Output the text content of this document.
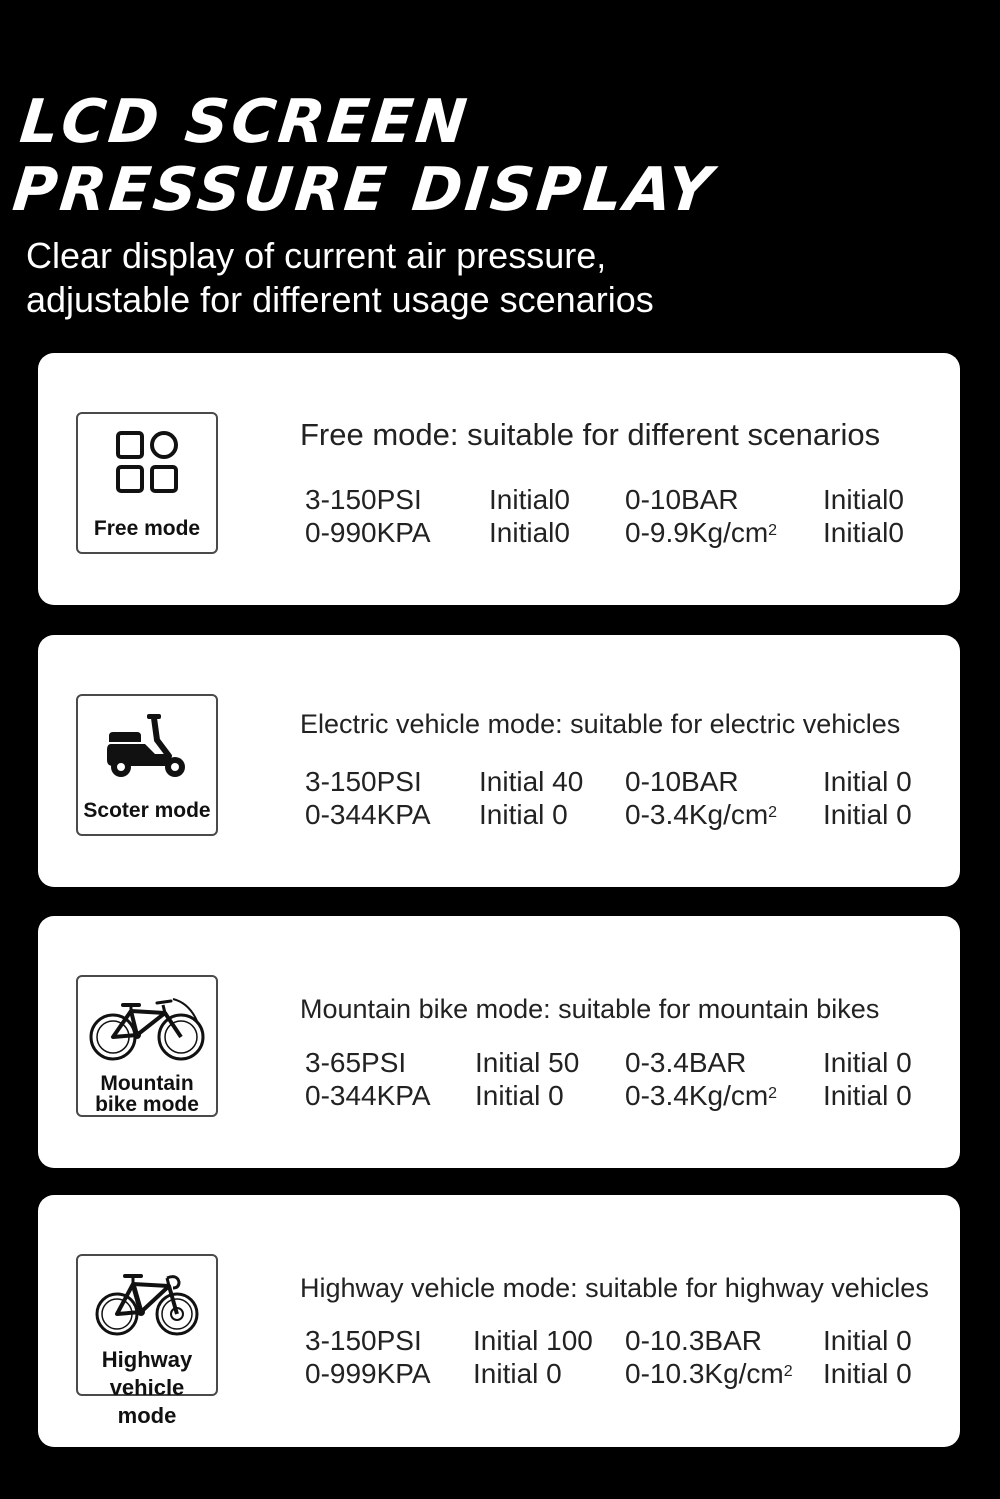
LCD SCREEN
PRESSURE DISPLAY
Clear display of current air pressure,
adjustable for different usage scenarios
Free mode
Free mode: suitable for different scenarios
3-150PSI Initial0 0-10BAR	Initial0
0-990KPA Initial0 $0-9.9Kg/cm^2$ Initial0
Scoter mode
Electric vehicle mode: suitable for electric vehicles
3-150PSI Initial 40 0-10BAR	Initial 0
0-344KPA Initial 0 $0-3.4Kg/cm^2$ Initial 0
Mountain
bike mode
Mountain bike mode: suitable for mountain bikes
3-65PSI Initial 50 0-3.4BAR	Initial 0
0-344KPA Initial 0 $0-3.4Kg/cm^2$ Initial 0
Highway
vehicle mode
Highway vehicle mode: suitable for highway vehicles
3-150PSI Initial 100 0-10.3BAR Initial 0
0-999KPA Initial 0 $0-10.3Kg/cm^2$ Initial 0
